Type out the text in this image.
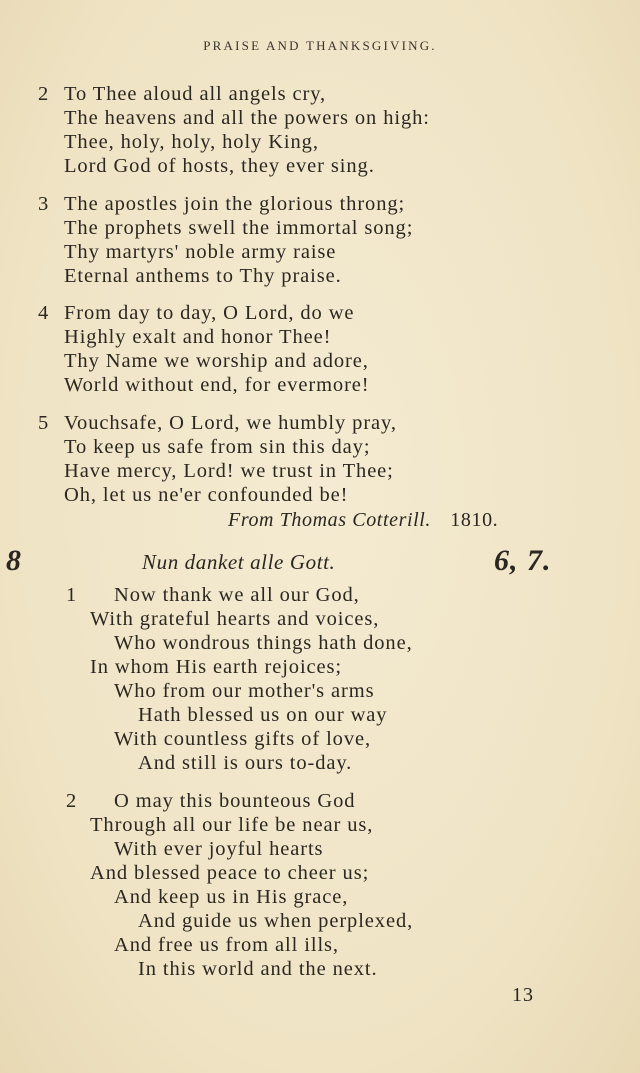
PRAISE AND THANKSGIVING.
2 To Thee aloud all angels cry,
The heavens and all the powers on high:
Thee, holy, holy, holy King,
Lord God of hosts, they ever sing.
3 The apostles join the glorious throng;
The prophets swell the immortal song;
Thy martyrs' noble army raise
Eternal anthems to Thy praise.
4 From day to day, O Lord, do we
Highly exalt and honor Thee!
Thy Name we worship and adore,
World without end, for evermore!
5 Vouchsafe, O Lord, we humbly pray,
To keep us safe from sin this day;
Have mercy, Lord! we trust in Thee;
Oh, let us ne'er confounded be!
From Thomas Cotterill. 1810.
8	Nun danket alle Gott.	6, 7.
1 Now thank we all our God,
With grateful hearts and voices,
Who wondrous things hath done,
In whom His earth rejoices;
Who from our mother's arms
Hath blessed us on our way
With countless gifts of love,
And still is ours to-day.
2 O may this bounteous God
Through all our life be near us,
With ever joyful hearts
And blessed peace to cheer us;
And keep us in His grace,
And guide us when perplexed,
And free us from all ills,
In this world and the next.
13
